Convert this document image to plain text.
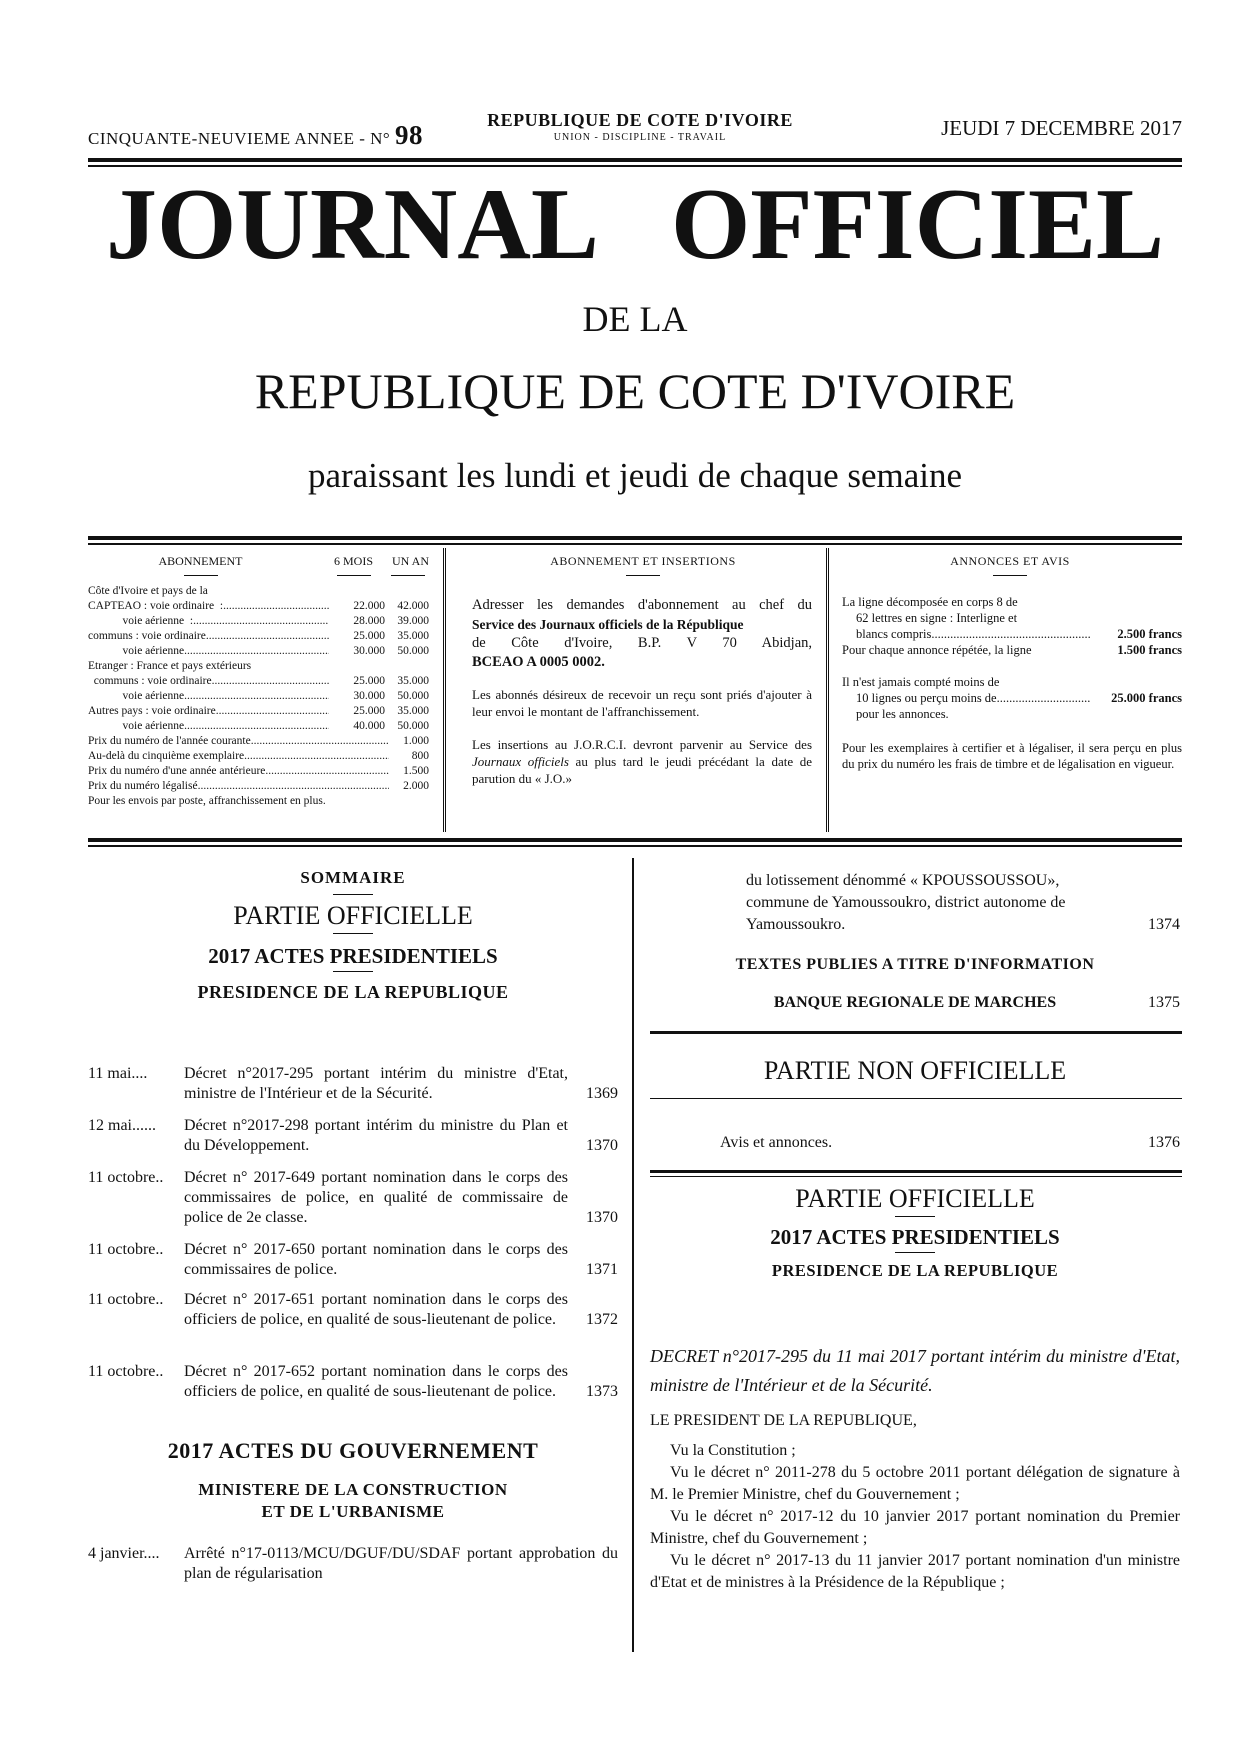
CINQUANTE-NEUVIEME ANNEE - N° 98	REPUBLIQUE DE COTE D'IVOIRE
UNION - DISCIPLINE - TRAVAIL	JEUDI 7 DECEMBRE 2017
JOURNAL OFFICIEL
DE LA
REPUBLIQUE DE COTE D'IVOIRE
paraissant les lundi et jeudi de chaque semaine
ABONNEMENT	6 MOIS	UN AN
Côte d'Ivoire et pays de la
CAPTEAO : voie ordinaire  : .....	22.000	42.000
voie aérienne  : .....	28.000	39.000
communs : voie ordinaire .....	25.000	35.000
voie aérienne .....	30.000	50.000
Etranger : France et pays extérieurs
communs : voie ordinaire .....	25.000	35.000
voie aérienne .....	30.000	50.000
Autres pays : voie ordinaire .....	25.000	35.000
voie aérienne .....	40.000	50.000
Prix du numéro de l'année courante .....	1.000
Au-delà du cinquième exemplaire .....	800
Prix du numéro d'une année antérieure .....	1.500
Prix du numéro légalisé .....	2.000
Pour les envois par poste, affranchissement en plus.
ABONNEMENT ET INSERTIONS
Adresser les demandes d'abonnement au chef du
Service des Journaux officiels de la République
de Côte d'Ivoire, B.P. V 70 Abidjan,
BCEAO A 0005 0002.
Les abonnés désireux de recevoir un reçu sont priés d'ajouter à leur envoi le montant de l'affranchissement.
Les insertions au J.O.R.C.I. devront parvenir au Service des Journaux officiels au plus tard le jeudi précédant la date de parution du « J.O.»
ANNONCES ET AVIS
La ligne décomposée en corps 8 de
62 lettres en signe : Interligne et
blancs compris .....	2.500 francs
Pour chaque annonce répétée, la ligne	1.500 francs
Il n'est jamais compté moins de
10 lignes ou perçu moins de .....	25.000 francs
pour les annonces.
Pour les exemplaires à certifier et à légaliser, il sera perçu en plus du prix du numéro les frais de timbre et de légalisation en vigueur.
SOMMAIRE
PARTIE OFFICIELLE
2017 ACTES PRESIDENTIELS
PRESIDENCE DE LA REPUBLIQUE
11 mai....	Décret n°2017-295 portant intérim du ministre d'Etat, ministre de l'Intérieur et de la Sécurité.	1369
12 mai......	Décret n°2017-298 portant intérim du ministre du Plan et du Développement.	1370
11 octobre..	Décret n° 2017-649 portant nomination dans le corps des commissaires de police, en qualité de commissaire de police de 2e classe.	1370
11 octobre..	Décret n° 2017-650 portant nomination dans le corps des commissaires de police.	1371
11 octobre..	Décret n° 2017-651 portant nomination dans le corps des officiers de police, en qualité de sous-lieutenant de police.	1372
11 octobre..	Décret n° 2017-652 portant nomination dans le corps des officiers de police, en qualité de sous-lieutenant de police.	1373
2017 ACTES DU GOUVERNEMENT
MINISTERE DE LA CONSTRUCTION
ET DE L'URBANISME
4 janvier....	Arrêté n°17-0113/MCU/DGUF/DU/SDAF portant approbation du plan de régularisation
du lotissement dénommé « KPOUSSOUSSOU», commune de Yamoussoukro, district autonome de Yamoussoukro.	1374
TEXTES PUBLIES A TITRE D'INFORMATION
BANQUE REGIONALE DE MARCHES	1375
PARTIE NON OFFICIELLE
Avis et annonces.	1376
PARTIE OFFICIELLE
2017 ACTES PRESIDENTIELS
PRESIDENCE DE LA REPUBLIQUE
DECRET n°2017-295 du 11 mai 2017 portant intérim du ministre d'Etat, ministre de l'Intérieur et de la Sécurité.
LE PRESIDENT DE LA REPUBLIQUE,
Vu la Constitution ;
Vu le décret n° 2011-278 du 5 octobre 2011 portant délégation de signature à M. le Premier Ministre, chef du Gouvernement ;
Vu le décret n° 2017-12 du 10 janvier 2017 portant nomination du Premier Ministre, chef du Gouvernement ;
Vu le décret n° 2017-13 du 11 janvier 2017 portant nomination d'un ministre d'Etat et de ministres à la Présidence de la République ;
